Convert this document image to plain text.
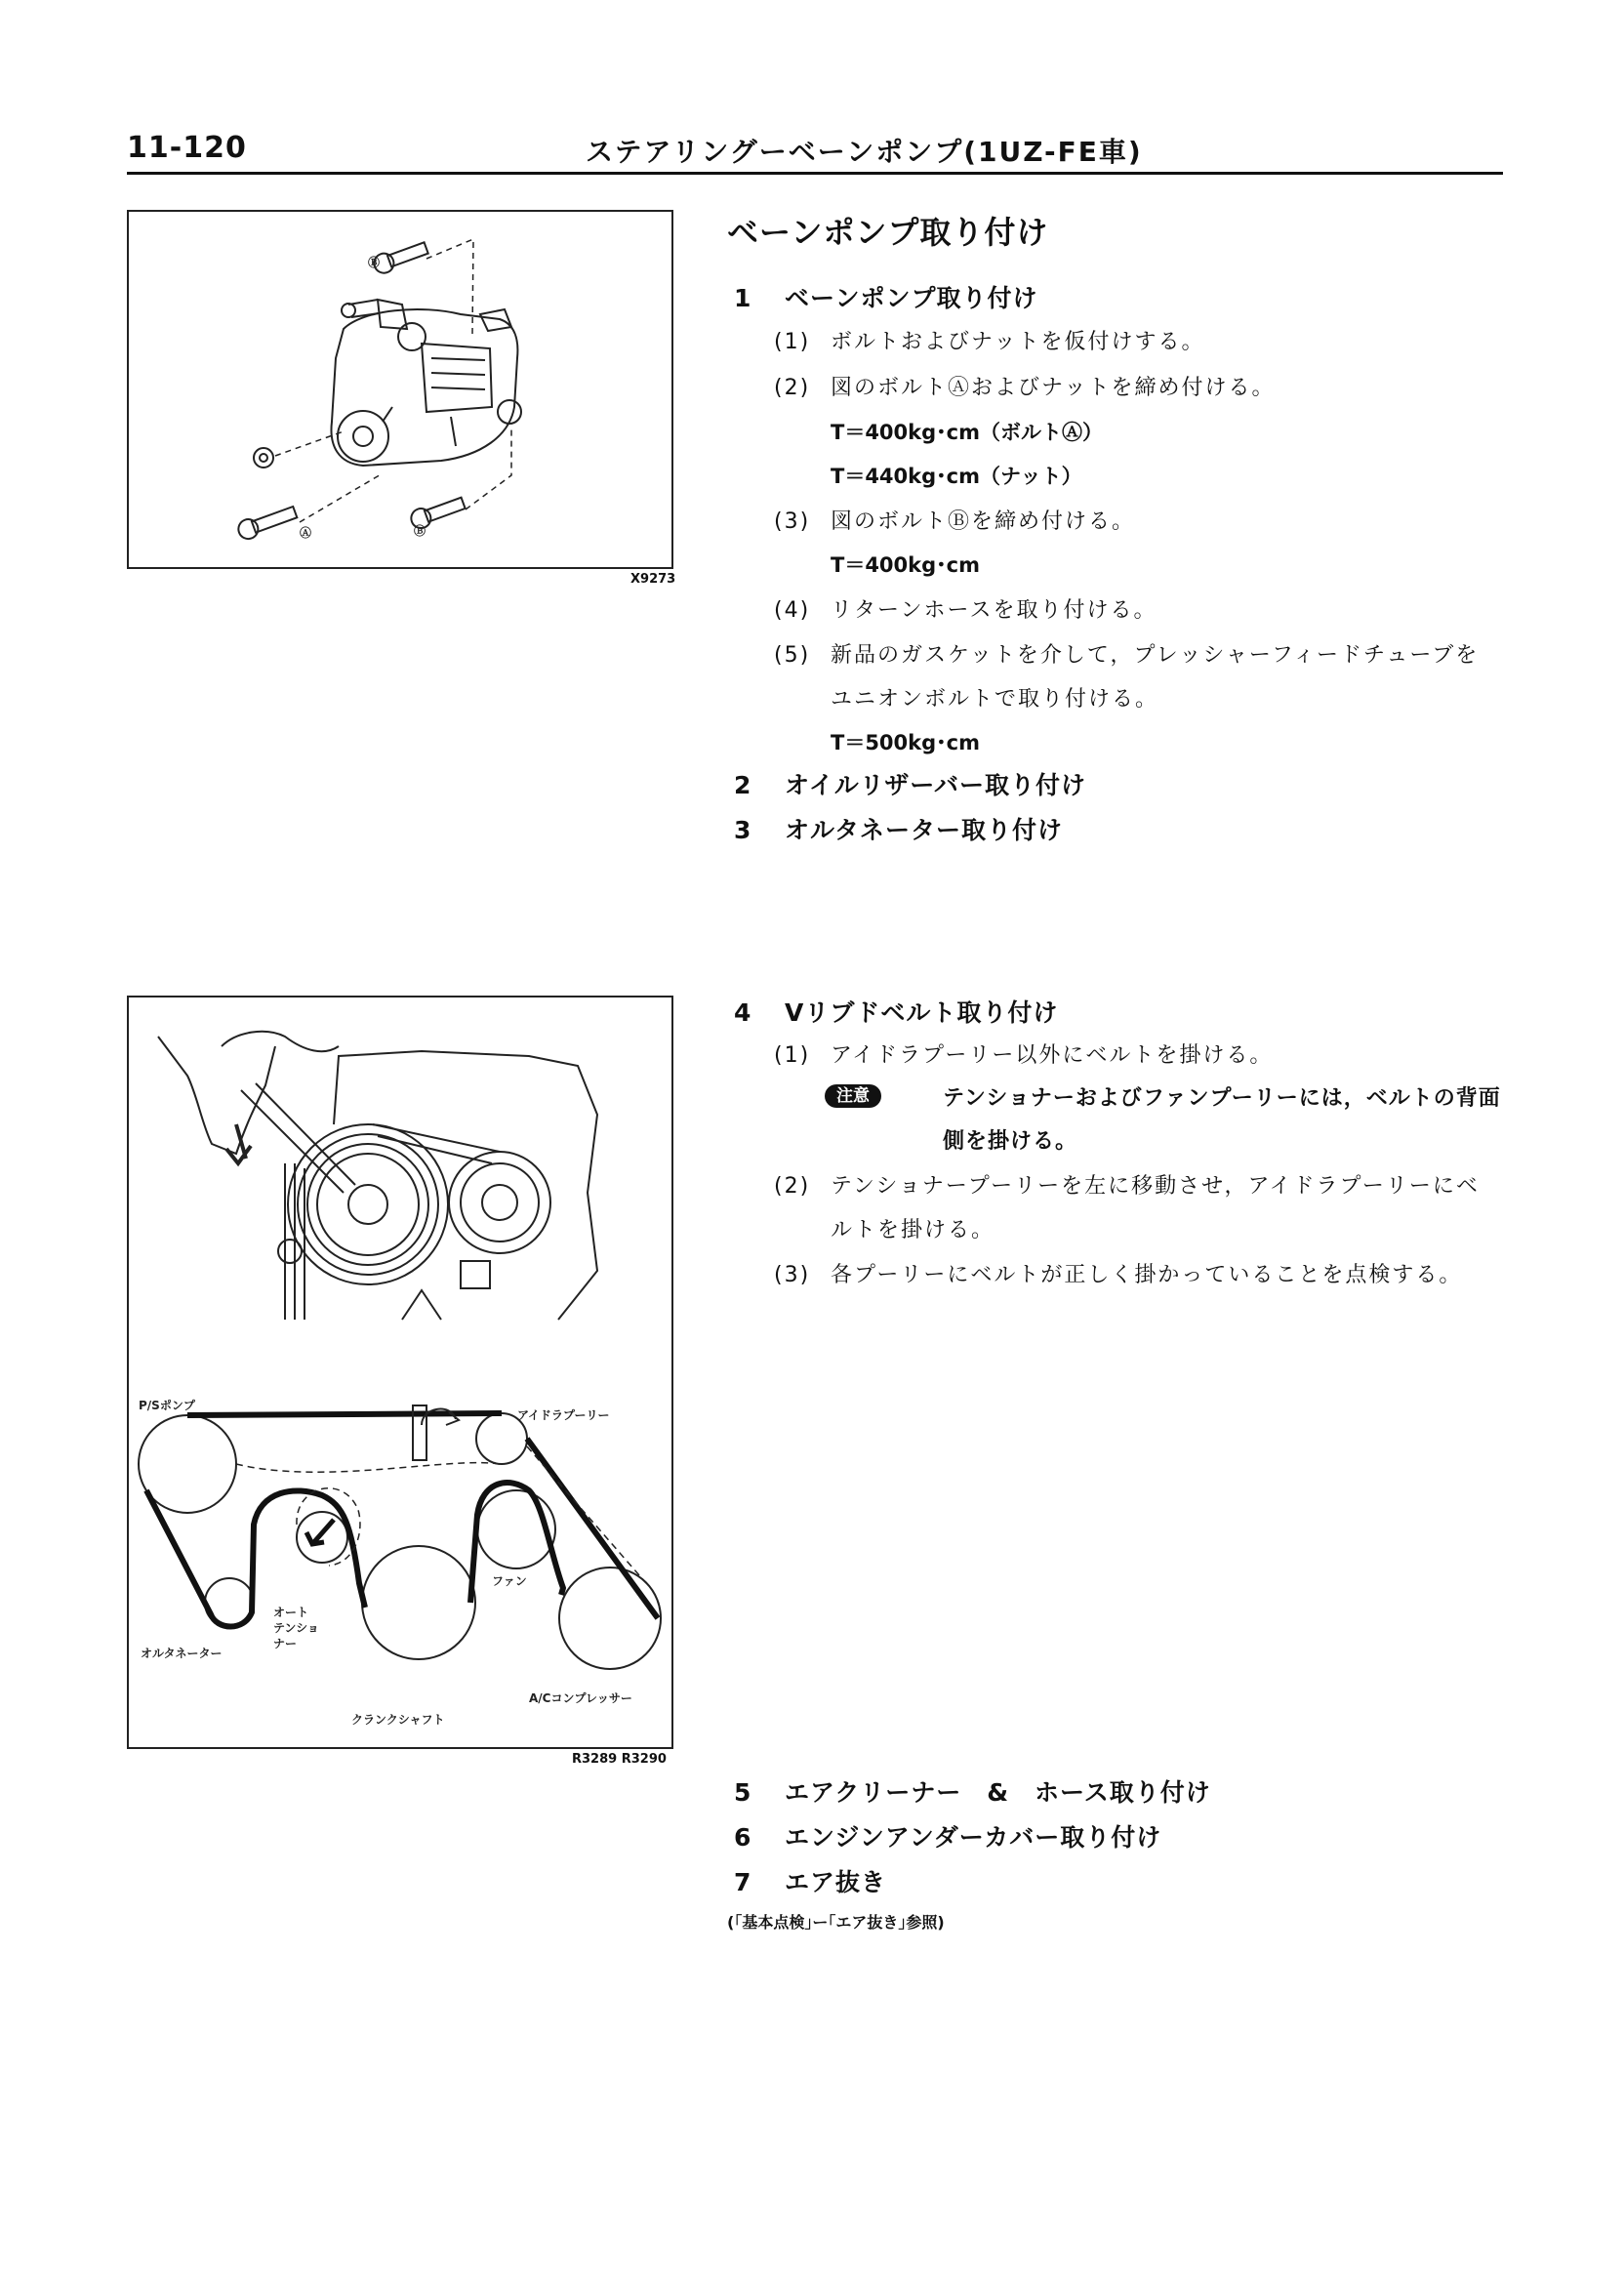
11-120	ステアリングーベーンポンプ(1UZ-FE車)
Ⓑ
Ⓐ	Ⓑ
X9273
P/Sポンプ
アイドラプーリー
ファン
オート
テンショ
ナー
オルタネーター
A/Cコンプレッサー
クランクシャフト
R3289 R3290
ベーンポンプ取り付け
1 ベーンポンプ取り付け
(1) ボルトおよびナットを仮付けする。
(2) 図のボルトⒶおよびナットを締め付ける。
T＝400kg･cm（ボルトⒶ）
T＝440kg･cm（ナット）
(3) 図のボルトⒷを締め付ける。
T＝400kg･cm
(4) リターンホースを取り付ける。
(5) 新品のガスケットを介して，プレッシャーフィードチューブを
ユニオンボルトで取り付ける。
T＝500kg･cm
2 オイルリザーバー取り付け
3 オルタネーター取り付け
4 Vリブドベルト取り付け
(1) アイドラプーリー以外にベルトを掛ける。
注意	テンショナーおよびファンプーリーには，ベルトの背面
側を掛ける。
(2) テンショナープーリーを左に移動させ，アイドラプーリーにベ
ルトを掛ける。
(3) 各プーリーにベルトが正しく掛かっていることを点検する。
5 エアクリーナー　&　ホース取り付け
6 エンジンアンダーカバー取り付け
7 エア抜き
(｢基本点検｣ー｢エア抜き｣参照)
